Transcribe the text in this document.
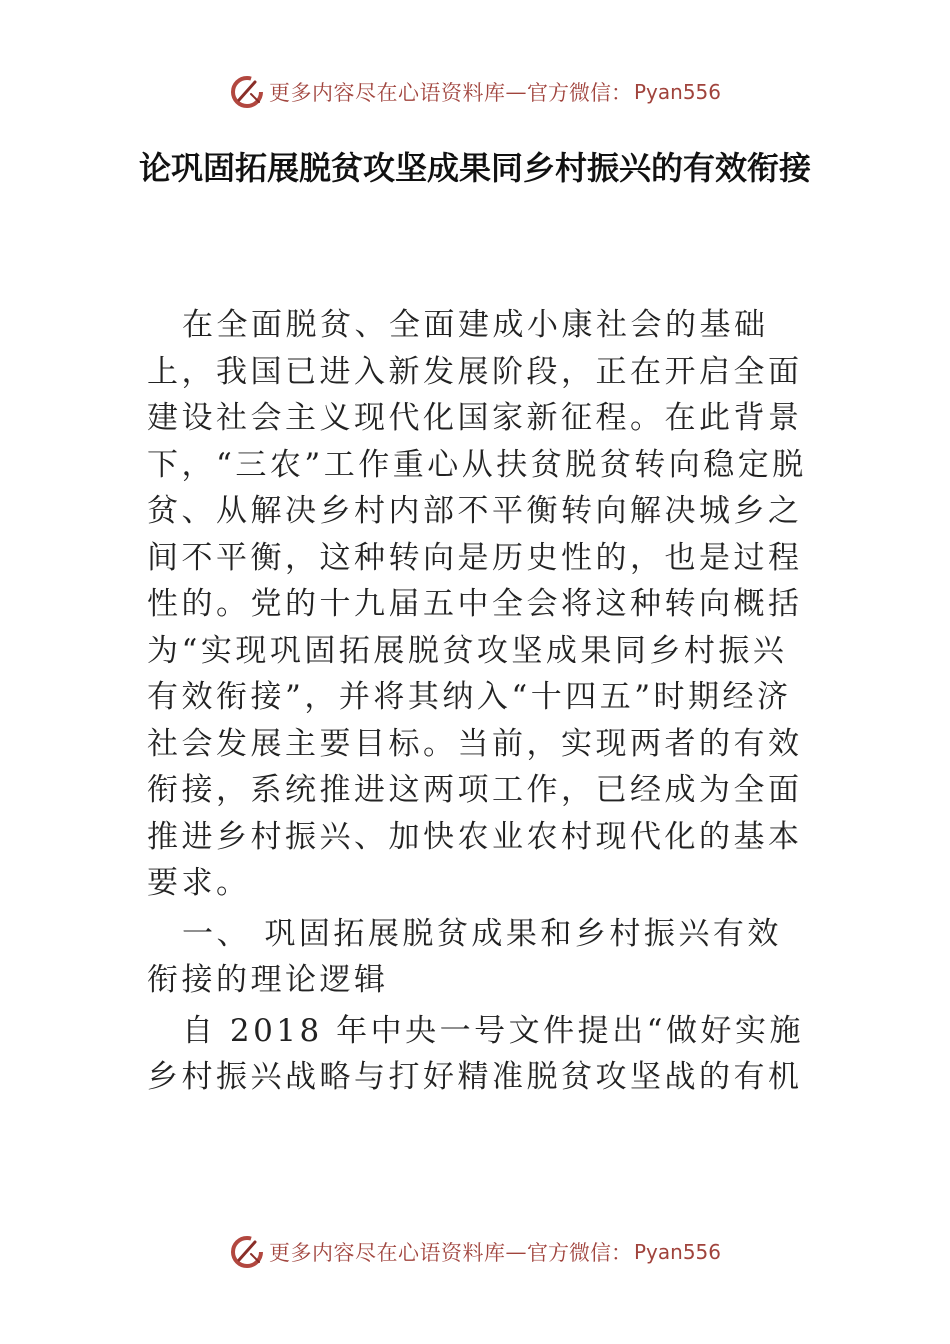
更多内容尽在心语资料库 — 官方微信： Pyan556
论巩固拓展脱贫攻坚成果同乡村振兴的有效衔接

在全面脱贫、全面建成小康社会的基础上，我国已进入新发展阶段，正在开启全面建设社会主义现代化国家新征程。在此背景下，“三农”工作重心从扶贫脱贫转向稳定脱贫、从解决乡村内部不平衡转向解决城乡之间不平衡，这种转向是历史性的，也是过程性的。党的十九届五中全会将这种转向概括为“实现巩固拓展脱贫攻坚成果同乡村振兴有效衔接”，并将其纳入“十四五”时期经济社会发展主要目标。当前，实现两者的有效衔接，系统推进这两项工作，已经成为全面推进乡村振兴、加快农业农村现代化的基本要求。

一、 巩固拓展脱贫成果和乡村振兴有效衔接的理论逻辑

自 2018 年中央一号文件提出“做好实施乡村振兴战略与打好精准脱贫攻坚战的有机

更多内容尽在心语资料库 — 官方微信： Pyan556
